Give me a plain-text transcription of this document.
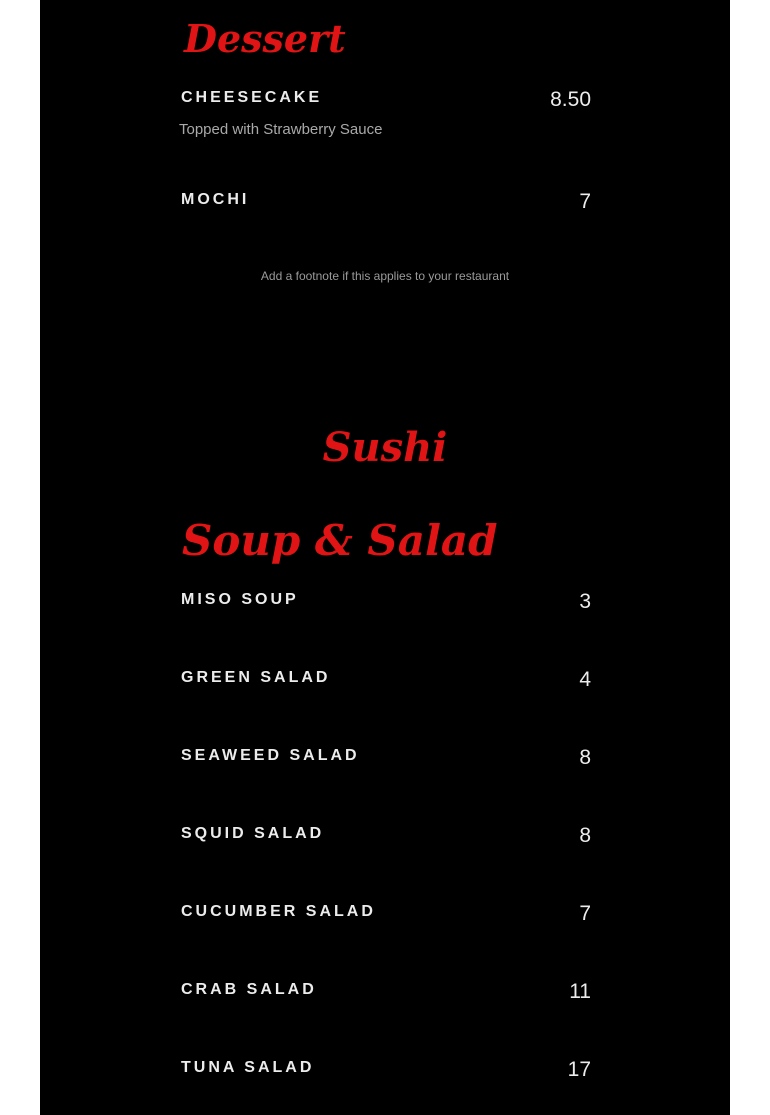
Dessert
CHEESECAKE	8.50
Topped with Strawberry Sauce
MOCHI	7
Add a footnote if this applies to your restaurant
Sushi
Soup & Salad
MISO SOUP	3
GREEN SALAD	4
SEAWEED SALAD	8
SQUID SALAD	8
CUCUMBER SALAD	7
CRAB SALAD	11
TUNA SALAD	17
